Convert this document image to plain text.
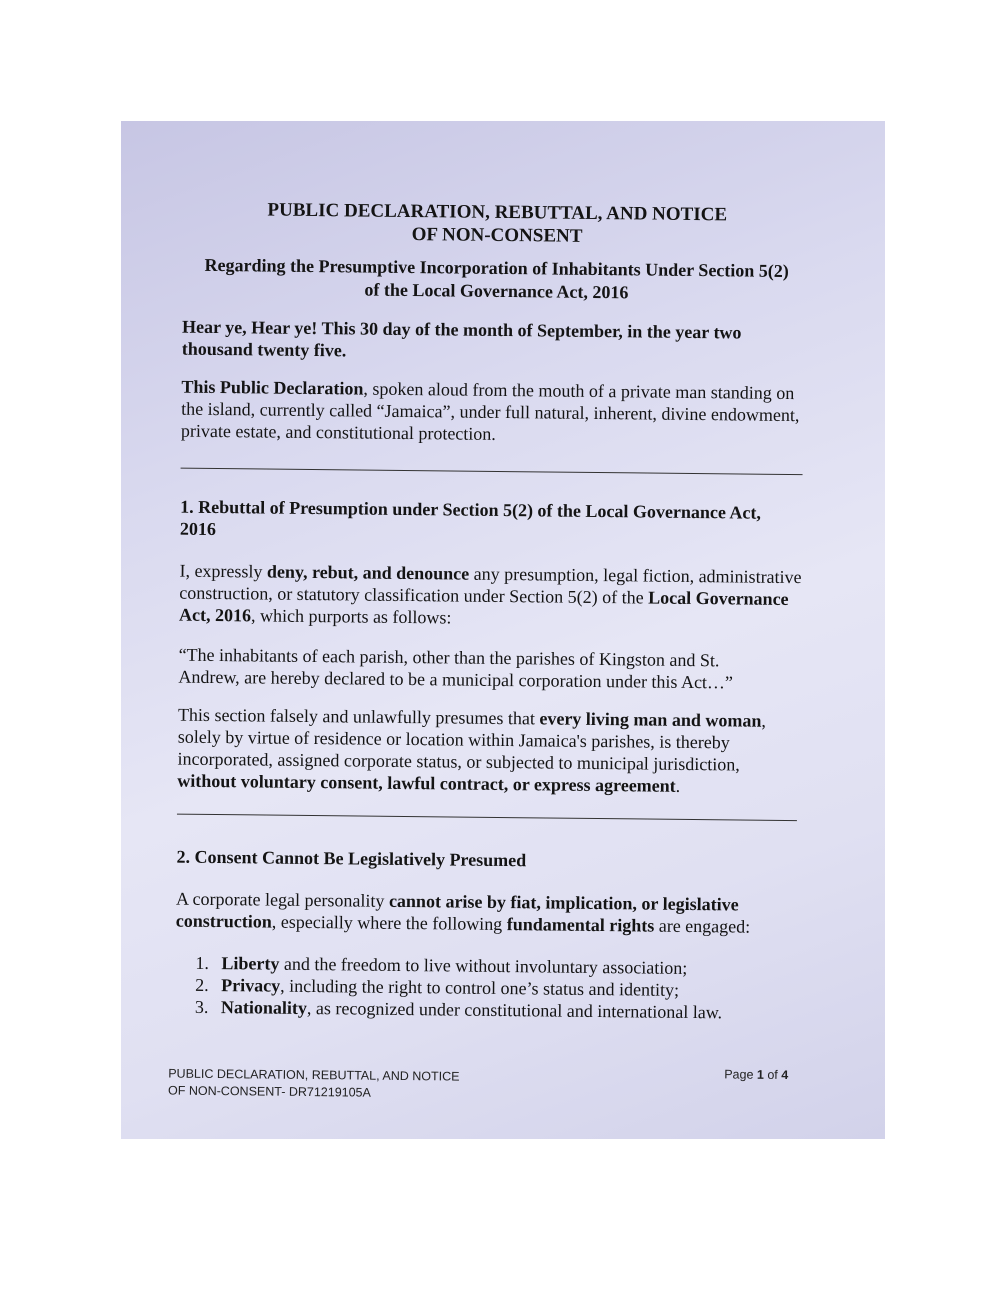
PUBLIC DECLARATION, REBUTTAL, AND NOTICE
OF NON-CONSENT
Regarding the Presumptive Incorporation of Inhabitants Under Section 5(2)
of the Local Governance Act, 2016
Hear ye, Hear ye! This 30 day of the month of September, in the year two thousand twenty five.
This Public Declaration, spoken aloud from the mouth of a private man standing on the island, currently called “Jamaica”, under full natural, inherent, divine endowment, private estate, and constitutional protection.
1. Rebuttal of Presumption under Section 5(2) of the Local Governance Act, 2016
I, expressly deny, rebut, and denounce any presumption, legal fiction, administrative construction, or statutory classification under Section 5(2) of the Local Governance Act, 2016, which purports as follows:
“The inhabitants of each parish, other than the parishes of Kingston and St. Andrew, are hereby declared to be a municipal corporation under this Act…”
This section falsely and unlawfully presumes that every living man and woman, solely by virtue of residence or location within Jamaica's parishes, is thereby incorporated, assigned corporate status, or subjected to municipal jurisdiction, without voluntary consent, lawful contract, or express agreement.
2. Consent Cannot Be Legislatively Presumed
A corporate legal personality cannot arise by fiat, implication, or legislative construction, especially where the following fundamental rights are engaged:
1. Liberty and the freedom to live without involuntary association;
2. Privacy, including the right to control one’s status and identity;
3. Nationality, as recognized under constitutional and international law.
PUBLIC DECLARATION, REBUTTAL, AND NOTICE
OF NON-CONSENT- DR71219105A
Page 1 of 4
